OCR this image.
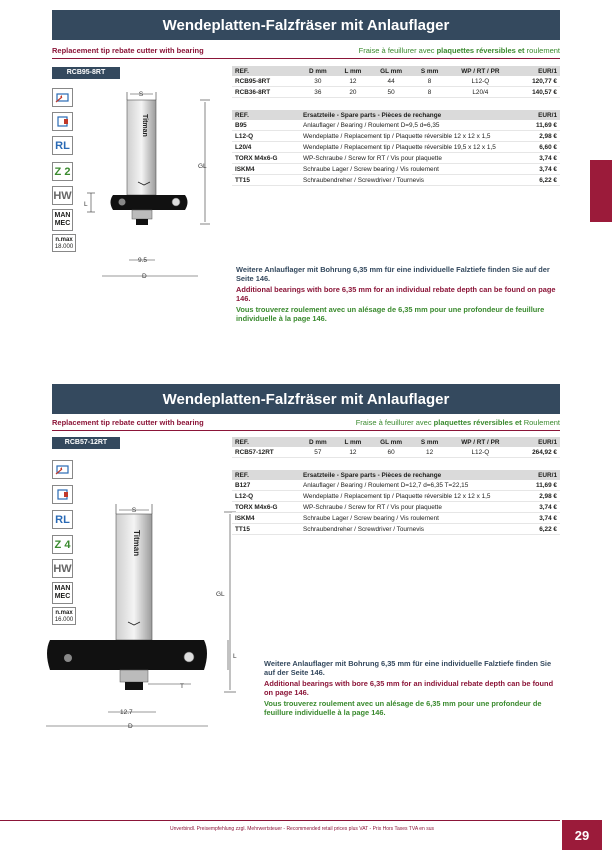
Wendeplatten-Falzfräser mit Anlauflager
Replacement tip rebate cutter with bearing	Fraise à feuillurer avec plaquettes réversibles et roulement
RCB95-8RT
RL
Z 2
HW
MAN
MEC
n.max
18.000
S
Titman
GL
L
9.5
D
REF.	D mm	L mm	GL mm	S mm	WP / RT / PR	EUR/1
RCB95-8RT	30	12	44	8	L12-Q	120,77 €
RCB36-8RT	36	20	50	8	L20/4	140,57 €
REF.	Ersatzteile - Spare parts - Pièces de rechange	EUR/1
B95	Anlauflager / Bearing / Roulement D=9,5 d=6,35	11,69 €
L12-Q	Wendeplatte / Replacement tip / Plaquette réversible 12 x 12 x 1,5	2,98 €
L20/4	Wendeplatte / Replacement tip / Plaquette réversible 19,5 x 12 x 1,5	6,60 €
TORX M4x6-G	WP-Schraube / Screw for RT / Vis pour plaquette	3,74 €
ISKM4	Schraube Lager / Screw bearing / Vis roulement	3,74 €
TT15	Schraubendreher / Screwdriver / Tournevis	6,22 €
Weitere Anlauflager mit Bohrung 6,35 mm für eine individuelle Falztiefe finden Sie auf der Seite 146.
Additional bearings with bore 6,35 mm for an individual rebate depth can be found on page 146.
Vous trouverez roulement avec un alésage de 6,35 mm pour une profondeur de feuillure individuelle à la page 146.
Wendeplatten-Falzfräser mit Anlauflager
Replacement tip rebate cutter with bearing	Fraise à feuillurer avec plaquettes réversibles et Roulement
RCB57-12RT
RL
Z 4
HW
MAN
MEC
n.max
16.000
S
Titman
GL
L
T
12.7
D
REF.	D mm	L mm	GL mm	S mm	WP / RT / PR	EUR/1
RCB57-12RT	57	12	60	12	L12-Q	264,92 €
REF.	Ersatzteile - Spare parts - Pièces de rechange	EUR/1
B127	Anlauflager / Bearing / Roulement D=12,7 d=6,35 T=22,15	11,69 €
L12-Q	Wendeplatte / Replacement tip / Plaquette réversible 12 x 12 x 1,5	2,98 €
TORX M4x6-G	WP-Schraube / Screw for RT / Vis pour plaquette	3,74 €
ISKM4	Schraube Lager / Screw bearing / Vis roulement	3,74 €
TT15	Schraubendreher / Screwdriver / Tournevis	6,22 €
Weitere Anlauflager mit Bohrung 6,35 mm für eine individuelle Falztiefe finden Sie auf der Seite 146.
Additional bearings with bore 6,35 mm for an individual rebate depth can be found on page 146.
Vous trouverez roulement avec un alésage de 6,35 mm pour une profondeur de feuillure individuelle à la page 146.
Unverbindl. Preisempfehlung zzgl. Mehrwertsteuer - Recommended retail prices plus VAT - Prix Hors Taxes TVA en sus	29
